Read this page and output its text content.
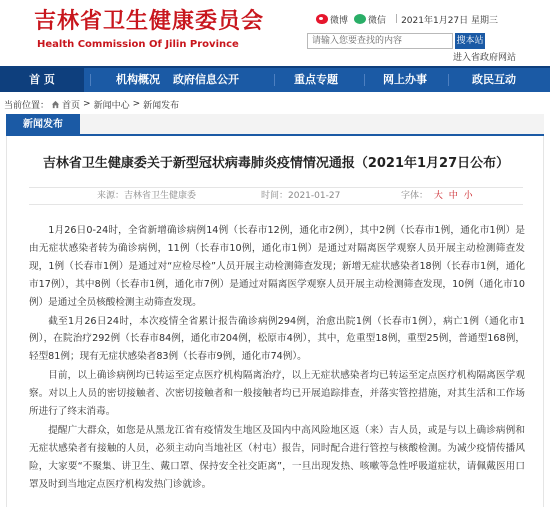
吉林省卫生健康委员会
Health Commission Of Jilin Province
微博 微信 | 2021年1月27日 星期三
请输入您要查找的内容	搜本站
进入省政府网站
首 页	机构概况	政府信息公开	重点专题	网上办事	政民互动
当前位置： 首页 > 新闻中心 > 新闻发布
新闻发布
吉林省卫生健康委关于新型冠状病毒肺炎疫情情况通报（2021年1月27日公布）
来源：吉林省卫生健康委	时间：2021-01-27	字体： 大 中 小

1月26日0-24时，全省新增确诊病例14例（长春市12例，通化市2例），其中2例（长春市1例，通化市1例）是由无症状感染者转为确诊病例，11例（长春市10例，通化市1例）是通过对隔离医学观察人员开展主动检测筛查发现，1例（长春市1例）是通过对“应检尽检”人员开展主动检测筛查发现；新增无症状感染者18例（长春市1例，通化市17例），其中8例（长春市1例，通化市7例）是通过对隔离医学观察人员开展主动检测筛查发现，10例（通化市10例）是通过全员核酸检测主动筛查发现。

截至1月26日24时，本次疫情全省累计报告确诊病例294例，治愈出院1例（长春市1例），病亡1例（通化市1例），在院治疗292例（长春市84例，通化市204例，松原市4例），其中，危重型18例，重型25例，普通型168例，轻型81例；现有无症状感染者83例（长春市9例，通化市74例）。

目前，以上确诊病例均已转运至定点医疗机构隔离治疗，以上无症状感染者均已转运至定点医疗机构隔离医学观察。对以上人员的密切接触者、次密切接触者和一般接触者均已开展追踪排查，并落实管控措施，对其生活和工作场所进行了终末消毒。

提醒广大群众，如您是从黑龙江省有疫情发生地区及国内中高风险地区返（来）吉人员，或是与以上确诊病例和无症状感染者有接触的人员，必须主动向当地社区（村屯）报告，同时配合进行管控与核酸检测。为减少疫情传播风险，大家要“不聚集、讲卫生、戴口罩、保持安全社交距离”，一旦出现发热、咳嗽等急性呼吸道症状，请佩戴医用口罩及时到当地定点医疗机构发热门诊就诊。
